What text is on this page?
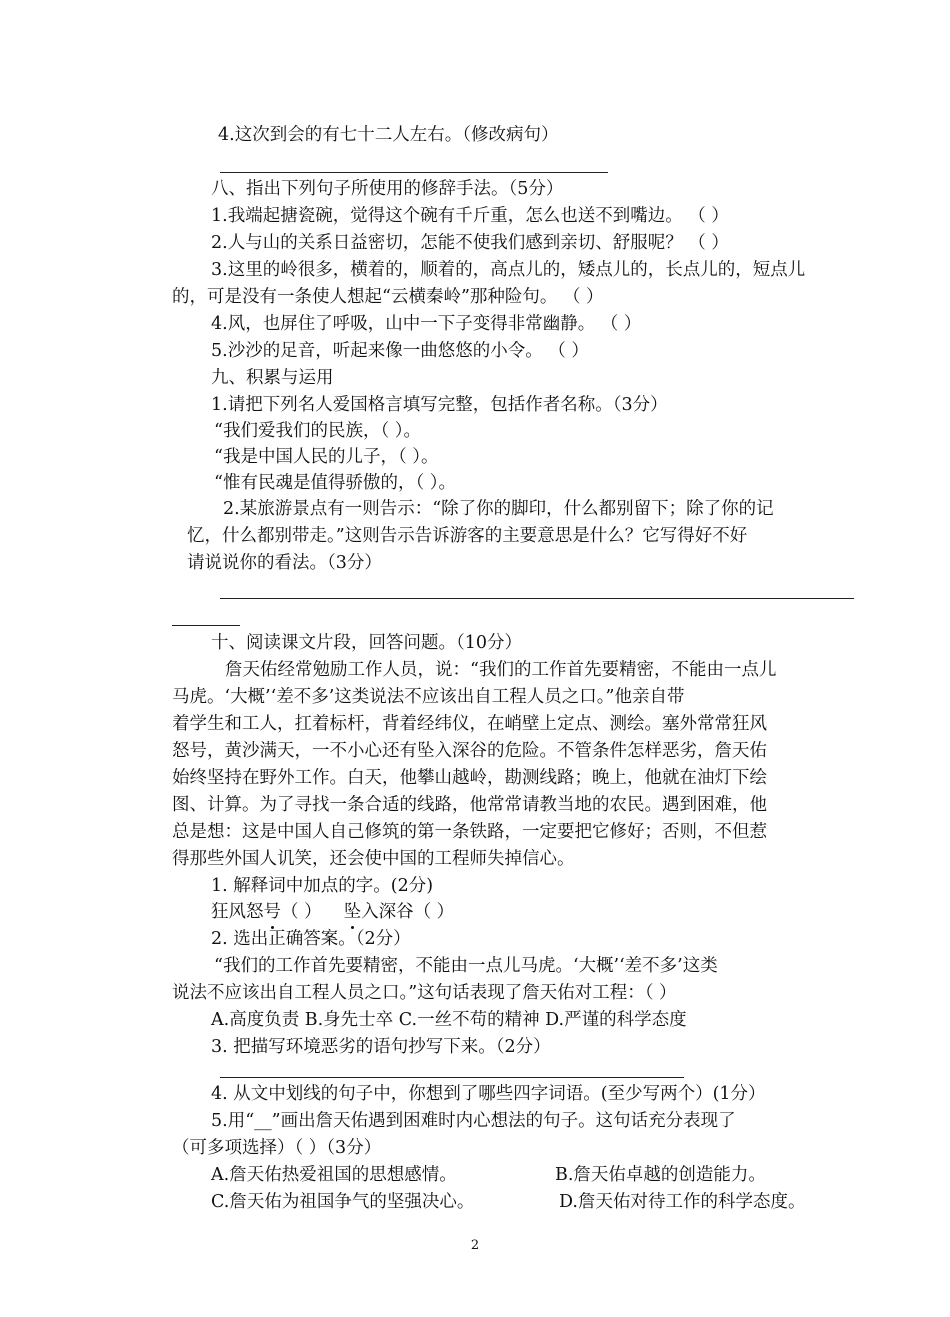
4.这次到会的有七十二人左右。（修改病句）
八、指出下列句子所使用的修辞手法。（5分）
1.我端起搪瓷碗，觉得这个碗有千斤重，怎么也送不到嘴边。 （ ）
2.人与山的关系日益密切，怎能不使我们感到亲切、舒服呢？ （ ）
3.这里的岭很多，横着的，顺着的，高点儿的，矮点儿的，长点儿的，短点儿
的，可是没有一条使人想起“云横秦岭”那种险句。 （ ）
4.风，也屏住了呼吸，山中一下子变得非常幽静。 （ ）
5.沙沙的足音，听起来像一曲悠悠的小令。 （ ）
九、积累与运用
1.请把下列名人爱国格言填写完整，包括作者名称。（3分）
“我们爱我们的民族，（ ）。
“我是中国人民的儿子，（ ）。
“惟有民魂是值得骄傲的，（ ）。
2.某旅游景点有一则告示：“除了你的脚印，什么都别留下；除了你的记
忆，什么都别带走。”这则告示告诉游客的主要意思是什么？它写得好不好
请说说你的看法。（3分）
十、阅读课文片段，回答问题。（10分）
詹天佑经常勉励工作人员，说：“我们的工作首先要精密，不能由一点儿
马虎。‘大概’‘差不多’这类说法不应该出自工程人员之口。”他亲自带
着学生和工人，扛着标杆，背着经纬仪，在峭壁上定点、测绘。塞外常常狂风
怒号，黄沙满天，一不小心还有坠入深谷的危险。不管条件怎样恶劣，詹天佑
始终坚持在野外工作。白天，他攀山越岭，勘测线路；晚上，他就在油灯下绘
图、计算。为了寻找一条合适的线路，他常常请教当地的农民。遇到困难，他
总是想：这是中国人自己修筑的第一条铁路，一定要把它修好；否则，不但惹
得那些外国人讥笑，还会使中国的工程师失掉信心。
1. 解释词中加点的字。(2分)
狂风怒号（ ） 坠入深谷（ ）
2. 选出正确答案。（2分）
“我们的工作首先要精密，不能由一点儿马虎。‘大概’‘差不多’这类
说法不应该出自工程人员之口。”这句话表现了詹天佑对工程：（ ）
A.高度负责 B.身先士卒 C.一丝不苟的精神 D.严谨的科学态度
3. 把描写环境恶劣的语句抄写下来。（2分）
4. 从文中划线的句子中，你想到了哪些四字词语。(至少写两个）(1分）
5.用“__”画出詹天佑遇到困难时内心想法的句子。这句话充分表现了
（可多项选择）（ ）（3分）
A.詹天佑热爱祖国的思想感情。	B.詹天佑卓越的创造能力。
C.詹天佑为祖国争气的坚强决心。	D.詹天佑对待工作的科学态度。
2
